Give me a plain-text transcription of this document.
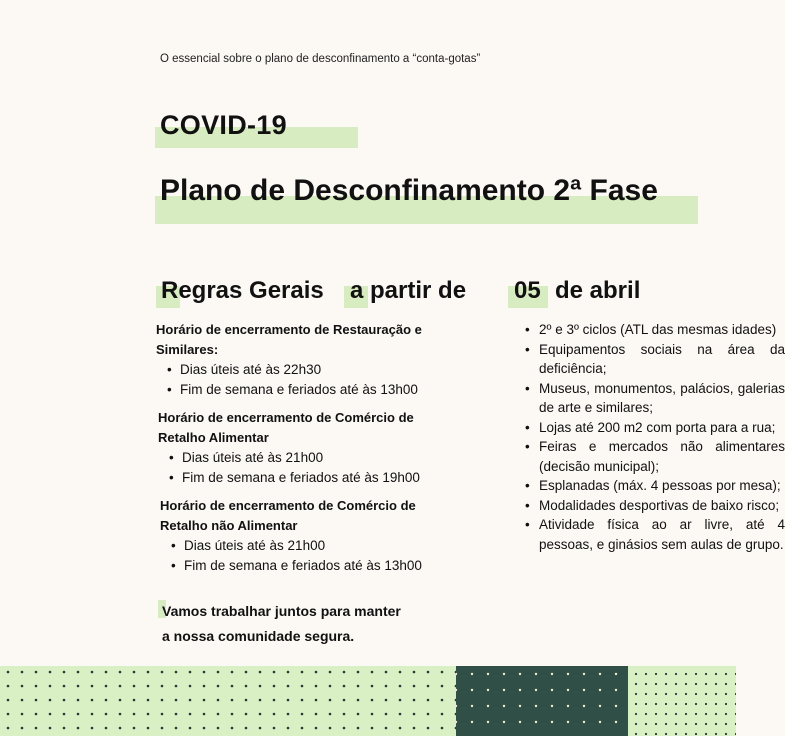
O essencial sobre o plano de desconfinamento a “conta-gotas”
COVID-19
Plano de Desconfinamento 2ª Fase
Regras Gerais a partir de 05 de abril
Horário de encerramento de Restauração e
Similares:
• Dias úteis até às 22h30
• Fim de semana e feriados até às 13h00
Horário de encerramento de Comércio de
Retalho Alimentar
• Dias úteis até às 21h00
• Fim de semana e feriados até às 19h00
Horário de encerramento de Comércio de
Retalho não Alimentar
• Dias úteis até às 21h00
• Fim de semana e feriados até às 13h00
Vamos trabalhar juntos para manter
a nossa comunidade segura.
• 2º e 3º ciclos (ATL das mesmas idades)
• Equipamentos sociais na área da deficiência;
• Museus, monumentos, palácios, galerias de arte e similares;
• Lojas até 200 m2 com porta para a rua;
• Feiras e mercados não alimentares (decisão municipal);
• Esplanadas (máx. 4 pessoas por mesa);
• Modalidades desportivas de baixo risco;
• Atividade física ao ar livre, até 4 pessoas, e ginásios sem aulas de grupo.
